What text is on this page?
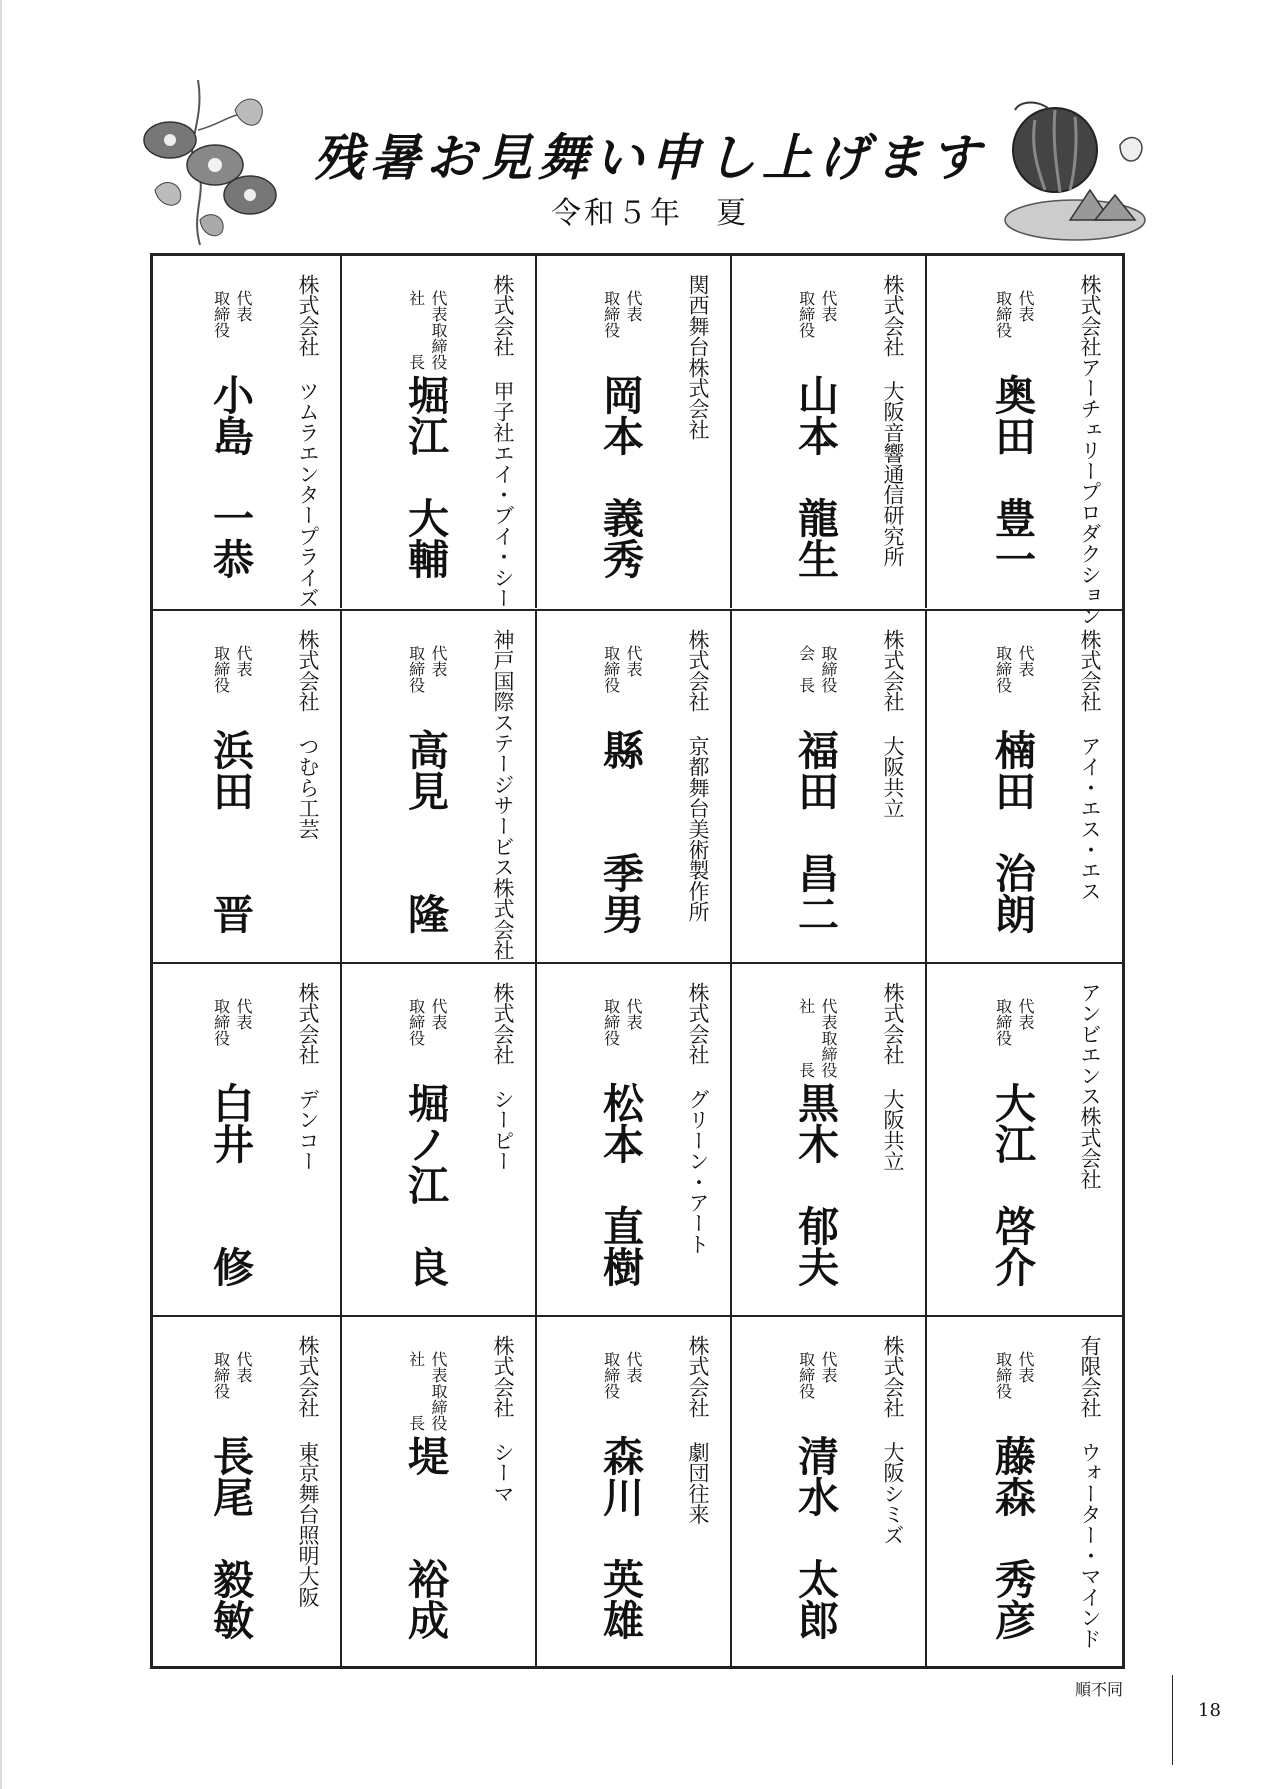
残暑お見舞い申し上げます
令和５年　夏
株式会社アーチェリープロダクション
代表
取締役
奥田　豊一
株式会社 大阪音響通信研究所
代表
取締役
山本　龍生
関西舞台株式会社
代表
取締役
岡本　義秀
株式会社 甲子社エイ・ブイ・シー
代表取締役
社　　　長
堀江　大輔
株式会社 ツムラエンタープライズ
代表
取締役
小島　一恭
株式会社 アイ・エス・エス
代表
取締役
楠田　治朗
株式会社 大阪共立
取締役
会　長
福田　昌二
株式会社 京都舞台美術製作所
代表
取締役
縣　　季男
神戸国際ステージサービス株式会社
代表
取締役
高見　　隆
株式会社 つむら工芸
代表
取締役
浜田　　晋
アンビエンス株式会社
代表
取締役
大江　啓介
株式会社 大阪共立
代表取締役
社　　　長
黒木　郁夫
株式会社 グリーン・アート
代表
取締役
松本　直樹
株式会社 シーピー
代表
取締役
堀ノ江　良
株式会社 デンコー
代表
取締役
白井　　修
有限会社 ウォーター・マインド
代表
取締役
藤森　秀彦
株式会社 大阪シミズ
代表
取締役
清水　太郎
株式会社 劇団往来
代表
取締役
森川　英雄
株式会社 シーマ
代表取締役
社　　　長
堤　　裕成
株式会社 東京舞台照明大阪
代表
取締役
長尾　毅敏
順不同
18
